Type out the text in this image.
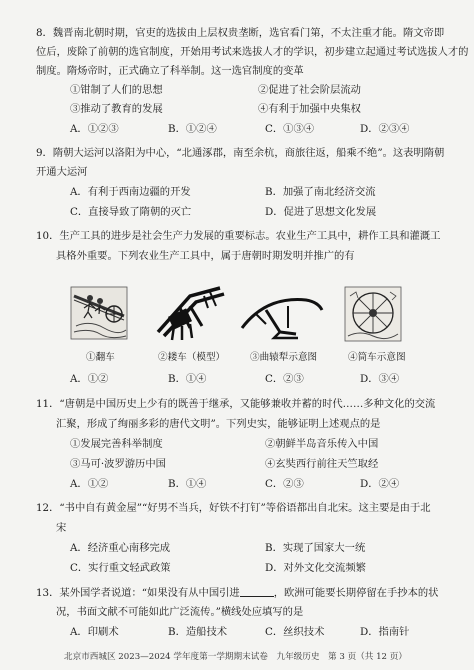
8．魏晋南北朝时期，官吏的选拔由上层权贵垄断，选官看门第，不太注重才能。隋文帝即
位后，废除了前朝的选官制度，开始用考试来选拔人才的学识，初步建立起通过考试选拔人才的
制度。隋炀帝时，正式确立了科举制。这一选官制度的变革
①钳制了人们的思想	②促进了社会阶层流动
③推动了教育的发展	④有利于加强中央集权
A．①②③	B．①②④	C．①③④	D．②③④
9．隋朝大运河以洛阳为中心，“北通涿郡，南至余杭，商旅往返，船乘不绝”。这表明隋朝
开通大运河
A．有利于西南边疆的开发	B．加强了南北经济交流
C．直接导致了隋朝的灭亡	D．促进了思想文化发展
10．生产工具的进步是社会生产力发展的重要标志。农业生产工具中，耕作工具和灌溉工
具格外重要。下列农业生产工具中，属于唐朝时期发明并推广的有
①翻车	②耧车（模型）	③曲辕犁示意图	④筒车示意图
A．①②	B．①④	C．②③	D．③④
11．“唐朝是中国历史上少有的既善于继承，又能够兼收并蓄的时代……多种文化的交流
汇聚，形成了绚丽多彩的唐代文明”。下列史实，能够证明上述观点的是
①发展完善科举制度	②朝鲜半岛音乐传入中国
③马可·波罗游历中国	④玄奘西行前往天竺取经
A．①②	B．①④	C．②③	D．②④
12．“书中自有黄金屋”“好男不当兵，好铁不打钉”等俗语都出自北宋。这主要是由于北
宋
A．经济重心南移完成	B．实现了国家大一统
C．实行重文轻武政策	D．对外文化交流频繁
13．某外国学者说道：“如果没有从中国引进	，欧洲可能要长期停留在手抄本的状
况，书面文献不可能如此广泛流传。”横线处应填写的是
A．印刷术	B．造船技术	C．丝织技术	D．指南针
北京市西城区 2023—2024 学年度第一学期期末试卷　九年级历史　第 3 页（共 12 页）
